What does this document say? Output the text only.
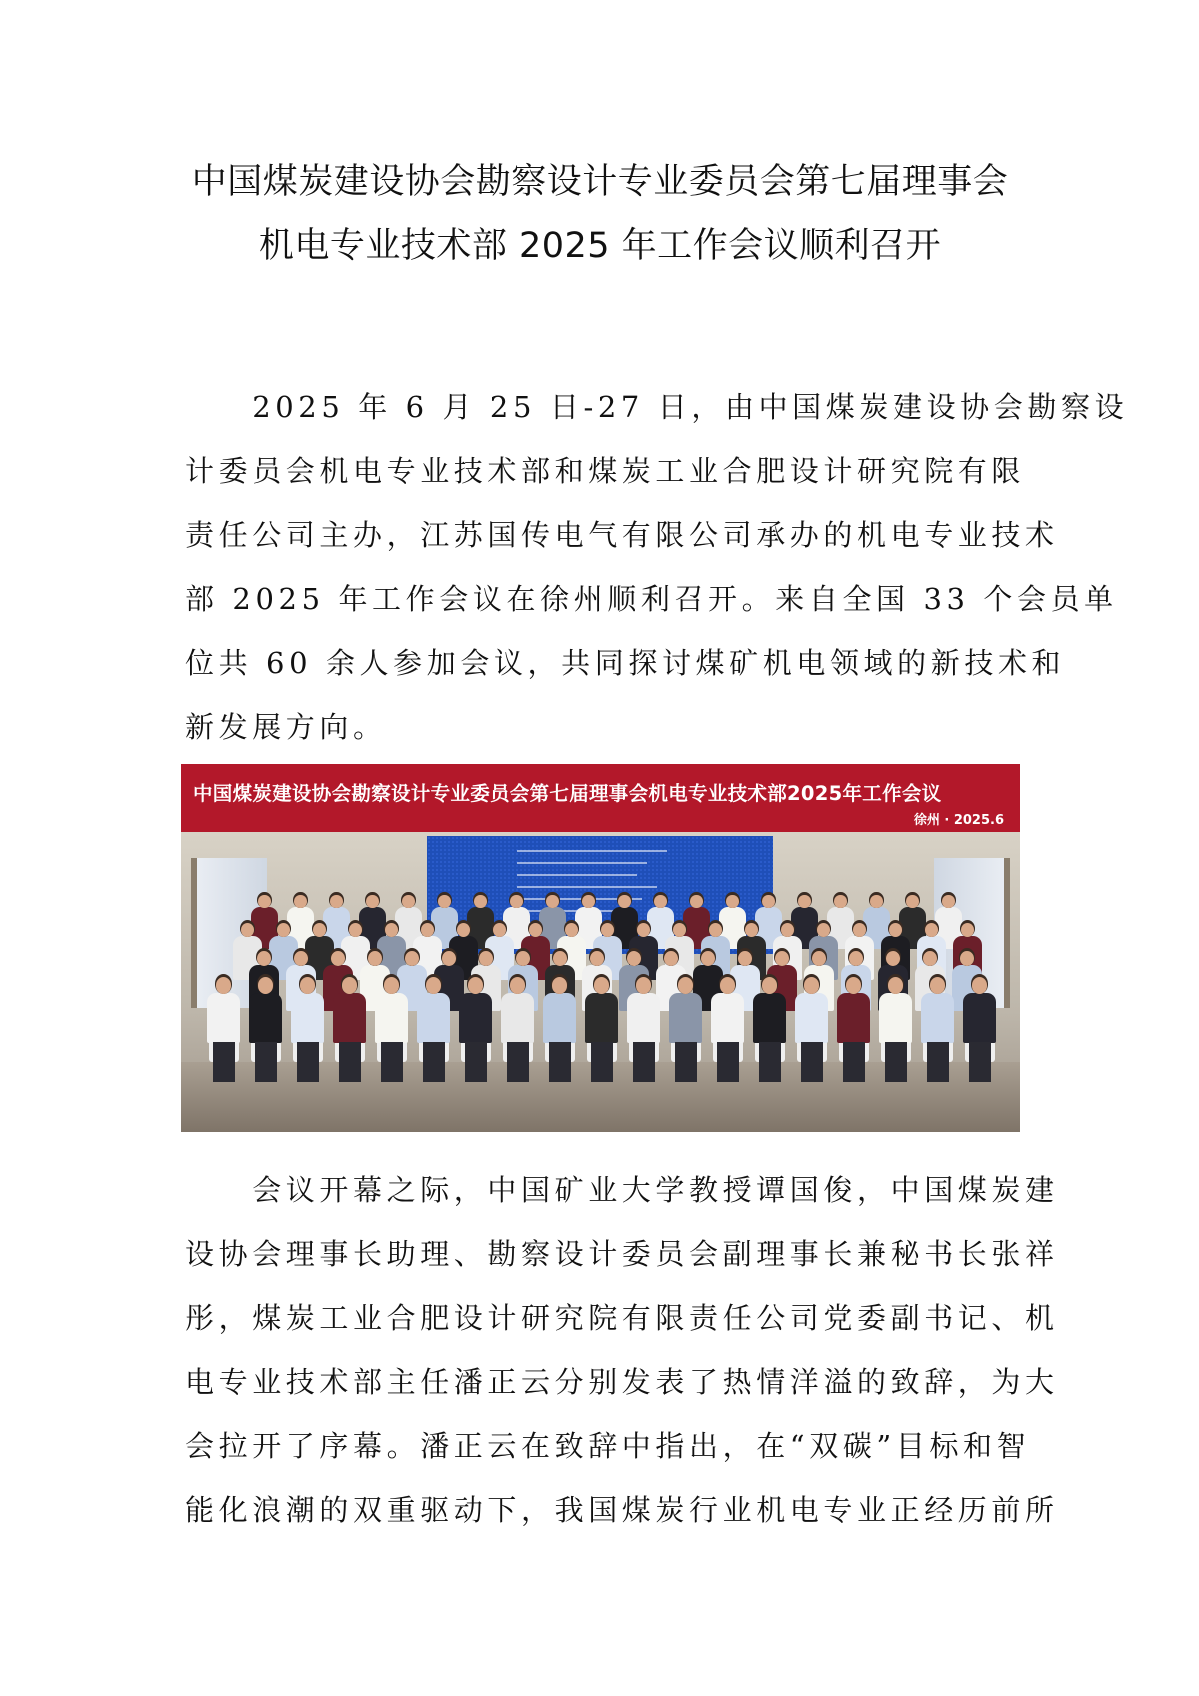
中国煤炭建设协会勘察设计专业委员会第七届理事会
机电专业技术部 2025 年工作会议顺利召开
　　2025 年 6 月 25 日-27 日，由中国煤炭建设协会勘察设
计委员会机电专业技术部和煤炭工业合肥设计研究院有限
责任公司主办，江苏国传电气有限公司承办的机电专业技术
部 2025 年工作会议在徐州顺利召开。来自全国 33 个会员单
位共 60 余人参加会议，共同探讨煤矿机电领域的新技术和
新发展方向。
中国煤炭建设协会勘察设计专业委员会第七届理事会机电专业技术部2025年工作会议
徐州 · 2025.6
　　会议开幕之际，中国矿业大学教授谭国俊，中国煤炭建
设协会理事长助理、勘察设计委员会副理事长兼秘书长张祥
彤，煤炭工业合肥设计研究院有限责任公司党委副书记、机
电专业技术部主任潘正云分别发表了热情洋溢的致辞，为大
会拉开了序幕。潘正云在致辞中指出，在“双碳”目标和智
能化浪潮的双重驱动下，我国煤炭行业机电专业正经历前所
